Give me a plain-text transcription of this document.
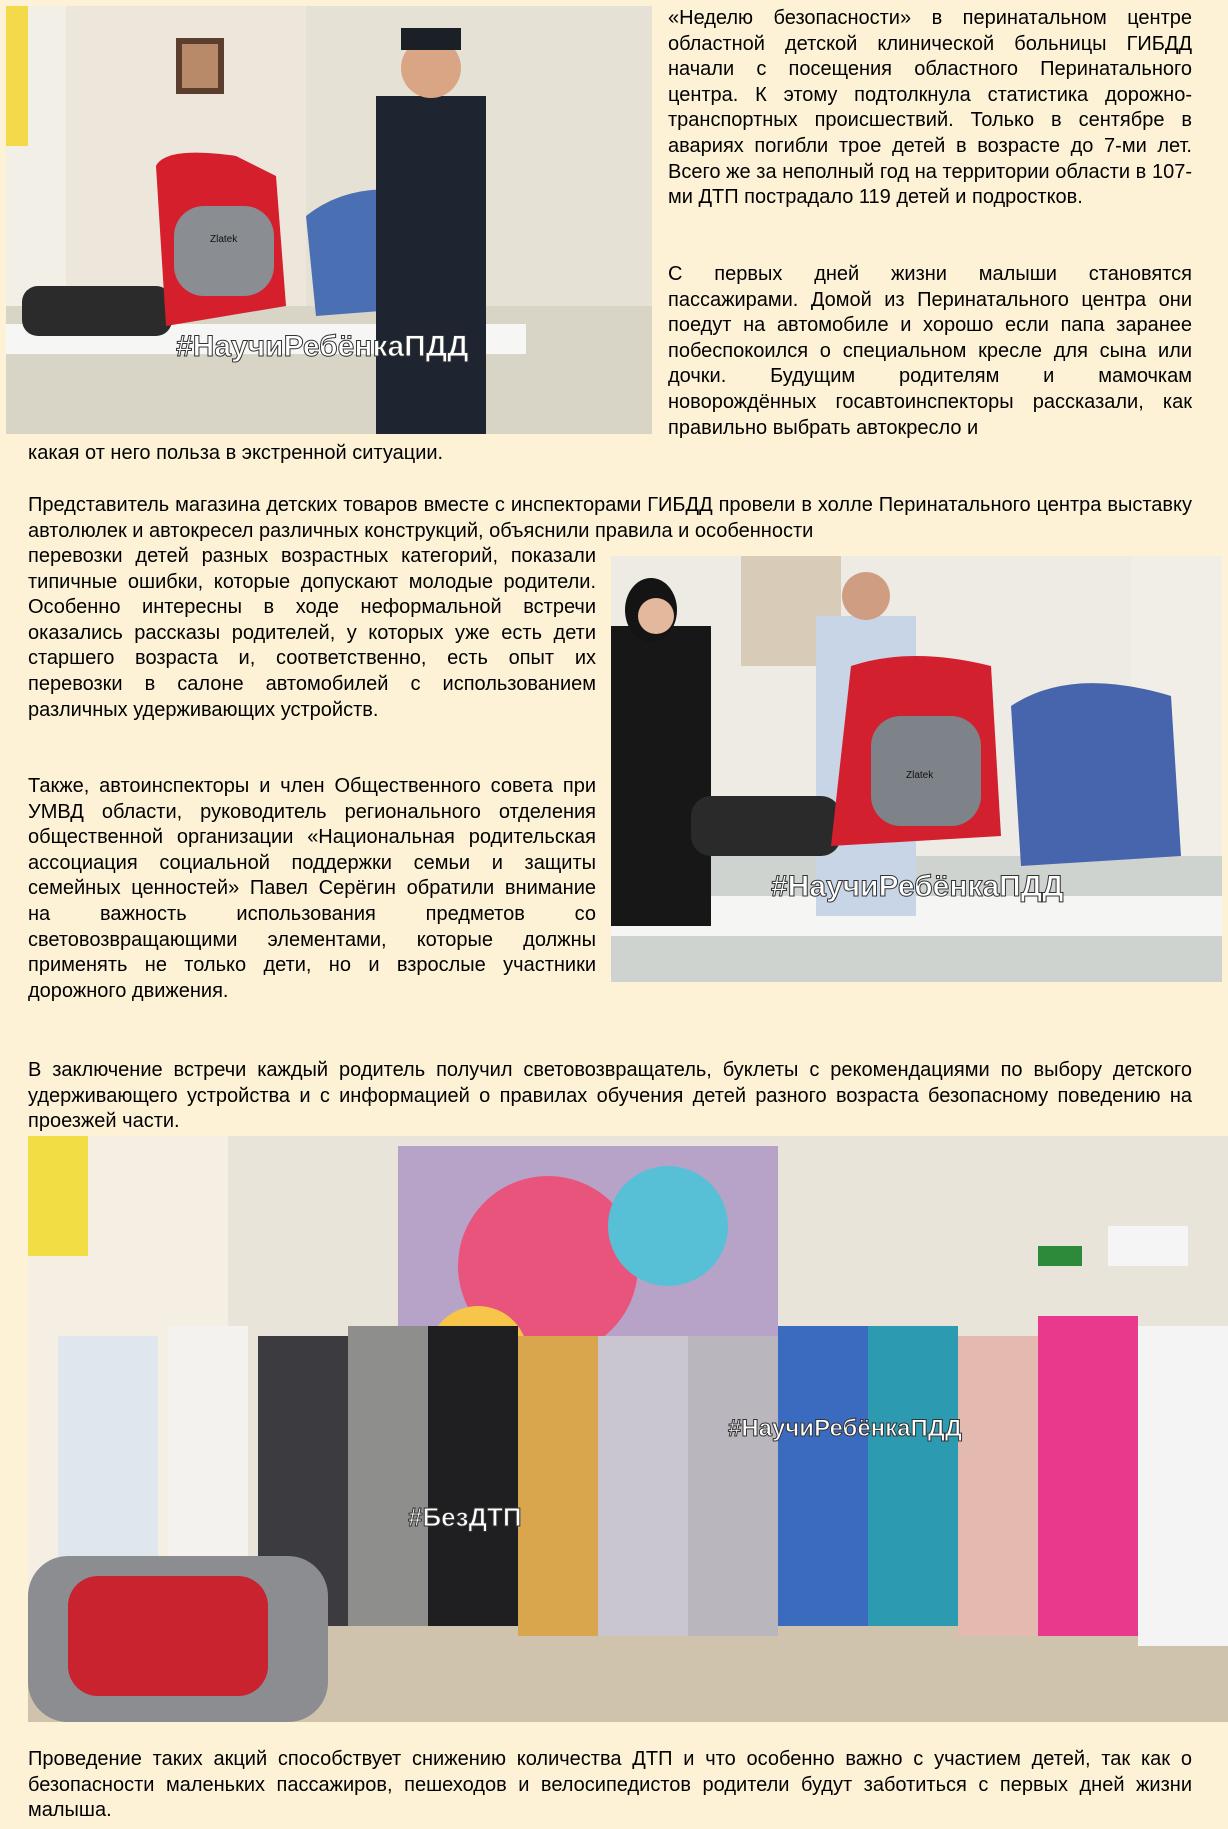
#НаучиРебёнкаПДД
Zlatek

«Неделю безопасности» в перинатальном центре областной детской клинической больницы ГИБДД начали с посещения областного Перинатального центра. К этому подтолкнула статистика дорожно-транспортных происшествий. Только в сентябре в авариях погибли трое детей в возрасте до 7-ми лет. Всего же за неполный год на территории области в 107-ми ДТП пострадало 119 детей и подростков.

С первых дней жизни малыши становятся пассажирами. Домой из Перинатального центра они поедут на автомобиле и хорошо если папа заранее побеспокоился о специальном кресле для сына или дочки. Будущим родителям и мамочкам новорождённых госавтоинспекторы рассказали, как правильно выбрать автокресло и

какая от него польза в экстренной ситуации.

Представитель магазина детских товаров вместе с инспекторами ГИБДД провели в холле Перинатального центра выставку автолюлек и автокресел различных конструкций, объяснили правила и особенности

перевозки детей разных возрастных категорий, показали типичные ошибки, которые допускают молодые родители. Особенно интересны в ходе неформальной встречи оказались рассказы родителей, у которых уже есть дети старшего возраста и, соответственно, есть опыт их перевозки в салоне автомобилей с использованием различных удерживающих устройств.

#НаучиРебёнкаПДД
Zlatek

Также, автоинспекторы и член Общественного совета при УМВД области, руководитель регионального отделения общественной организации «Национальная родительская ассоциация социальной поддержки семьи и защиты семейных ценностей» Павел Серёгин обратили внимание на важность использования предметов со световозвращающими элементами, которые должны применять не только дети, но и взрослые участники дорожного движения.

В заключение встречи каждый родитель получил световозвращатель, буклеты с рекомендациями по выбору детского удерживающего устройства и с информацией о правилах обучения детей разного возраста безопасному поведению на проезжей части.

#НаучиРебёнкаПДД
#БезДТП

Проведение таких акций способствует снижению количества ДТП и что особенно важно с участием детей, так как о безопасности маленьких пассажиров, пешеходов и велосипедистов родители будут заботиться с первых дней жизни малыша.
